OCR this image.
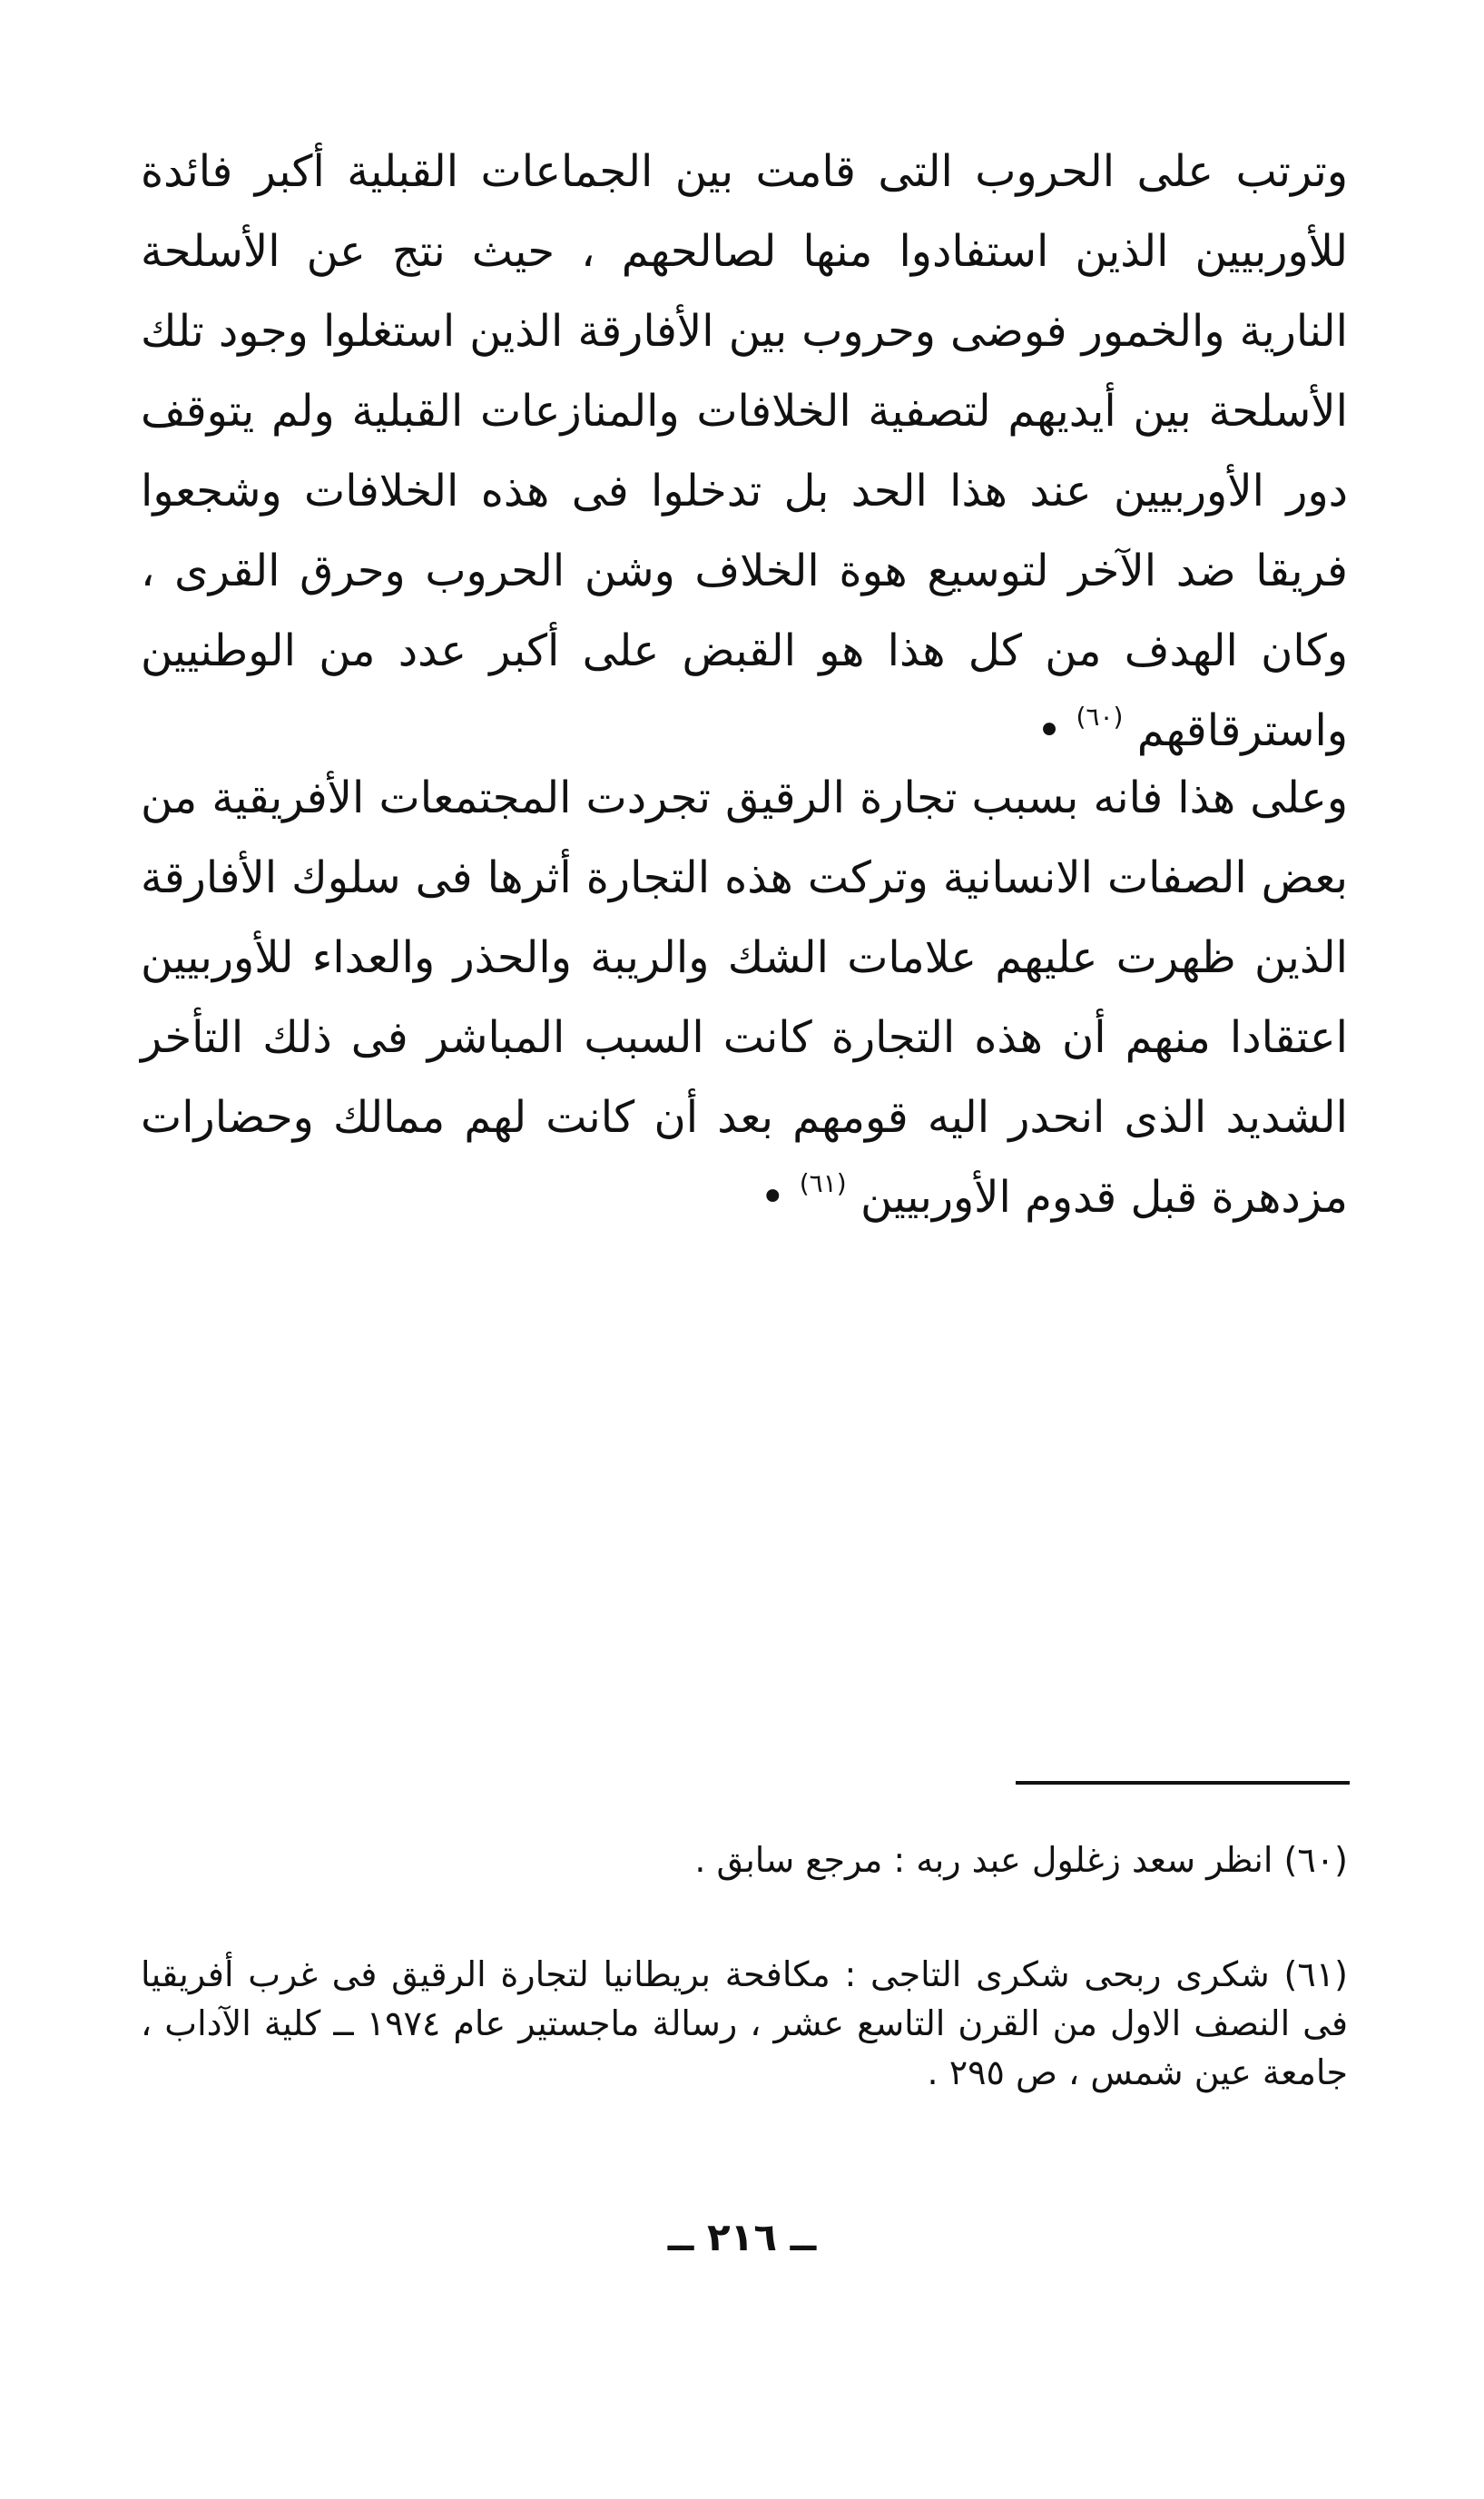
وترتب على الحروب التى قامت بين الجماعات القبلية أكبر فائدة للأوربيين الذين استفادوا منها لصالحهم ، حيث نتج عن الأسلحة النارية والخمور فوضى وحروب بين الأفارقة الذين استغلوا وجود تلك الأسلحة بين أيديهم لتصفية الخلافات والمنازعات القبلية ولم يتوقف دور الأوربيين عند هذا الحد بل تدخلوا فى هذه الخلافات وشجعوا فريقا ضد الآخر لتوسيع هوة الخلاف وشن الحروب وحرق القرى ، وكان الهدف من كل هذا هو القبض على أكبر عدد من الوطنيين واسترقاقهم $^{(٦٠)}$ •

وعلى هذا فانه بسبب تجارة الرقيق تجردت المجتمعات الأفريقية من بعض الصفات الانسانية وتركت هذه التجارة أثرها فى سلوك الأفارقة الذين ظهرت عليهم علامات الشك والريبة والحذر والعداء للأوربيين اعتقادا منهم أن هذه التجارة كانت السبب المباشر فى ذلك التأخر الشديد الذى انحدر اليه قومهم بعد أن كانت لهم ممالك وحضارات مزدهرة قبل قدوم الأوربيين $^{(٦١)}$ •

(٦٠) انظر سعد زغلول عبد ربه : مرجع سابق .

(٦١) شكرى ربحى شكرى التاجى : مكافحة بريطانيا لتجارة الرقيق فى غرب أفريقيا فى النصف الاول من القرن التاسع عشر ، رسالة ماجستير عام ١٩٧٤ ــ كلية الآداب ، جامعة عين شمس ، ص ٢٩٥ .

ــ ٢١٦ ــ
